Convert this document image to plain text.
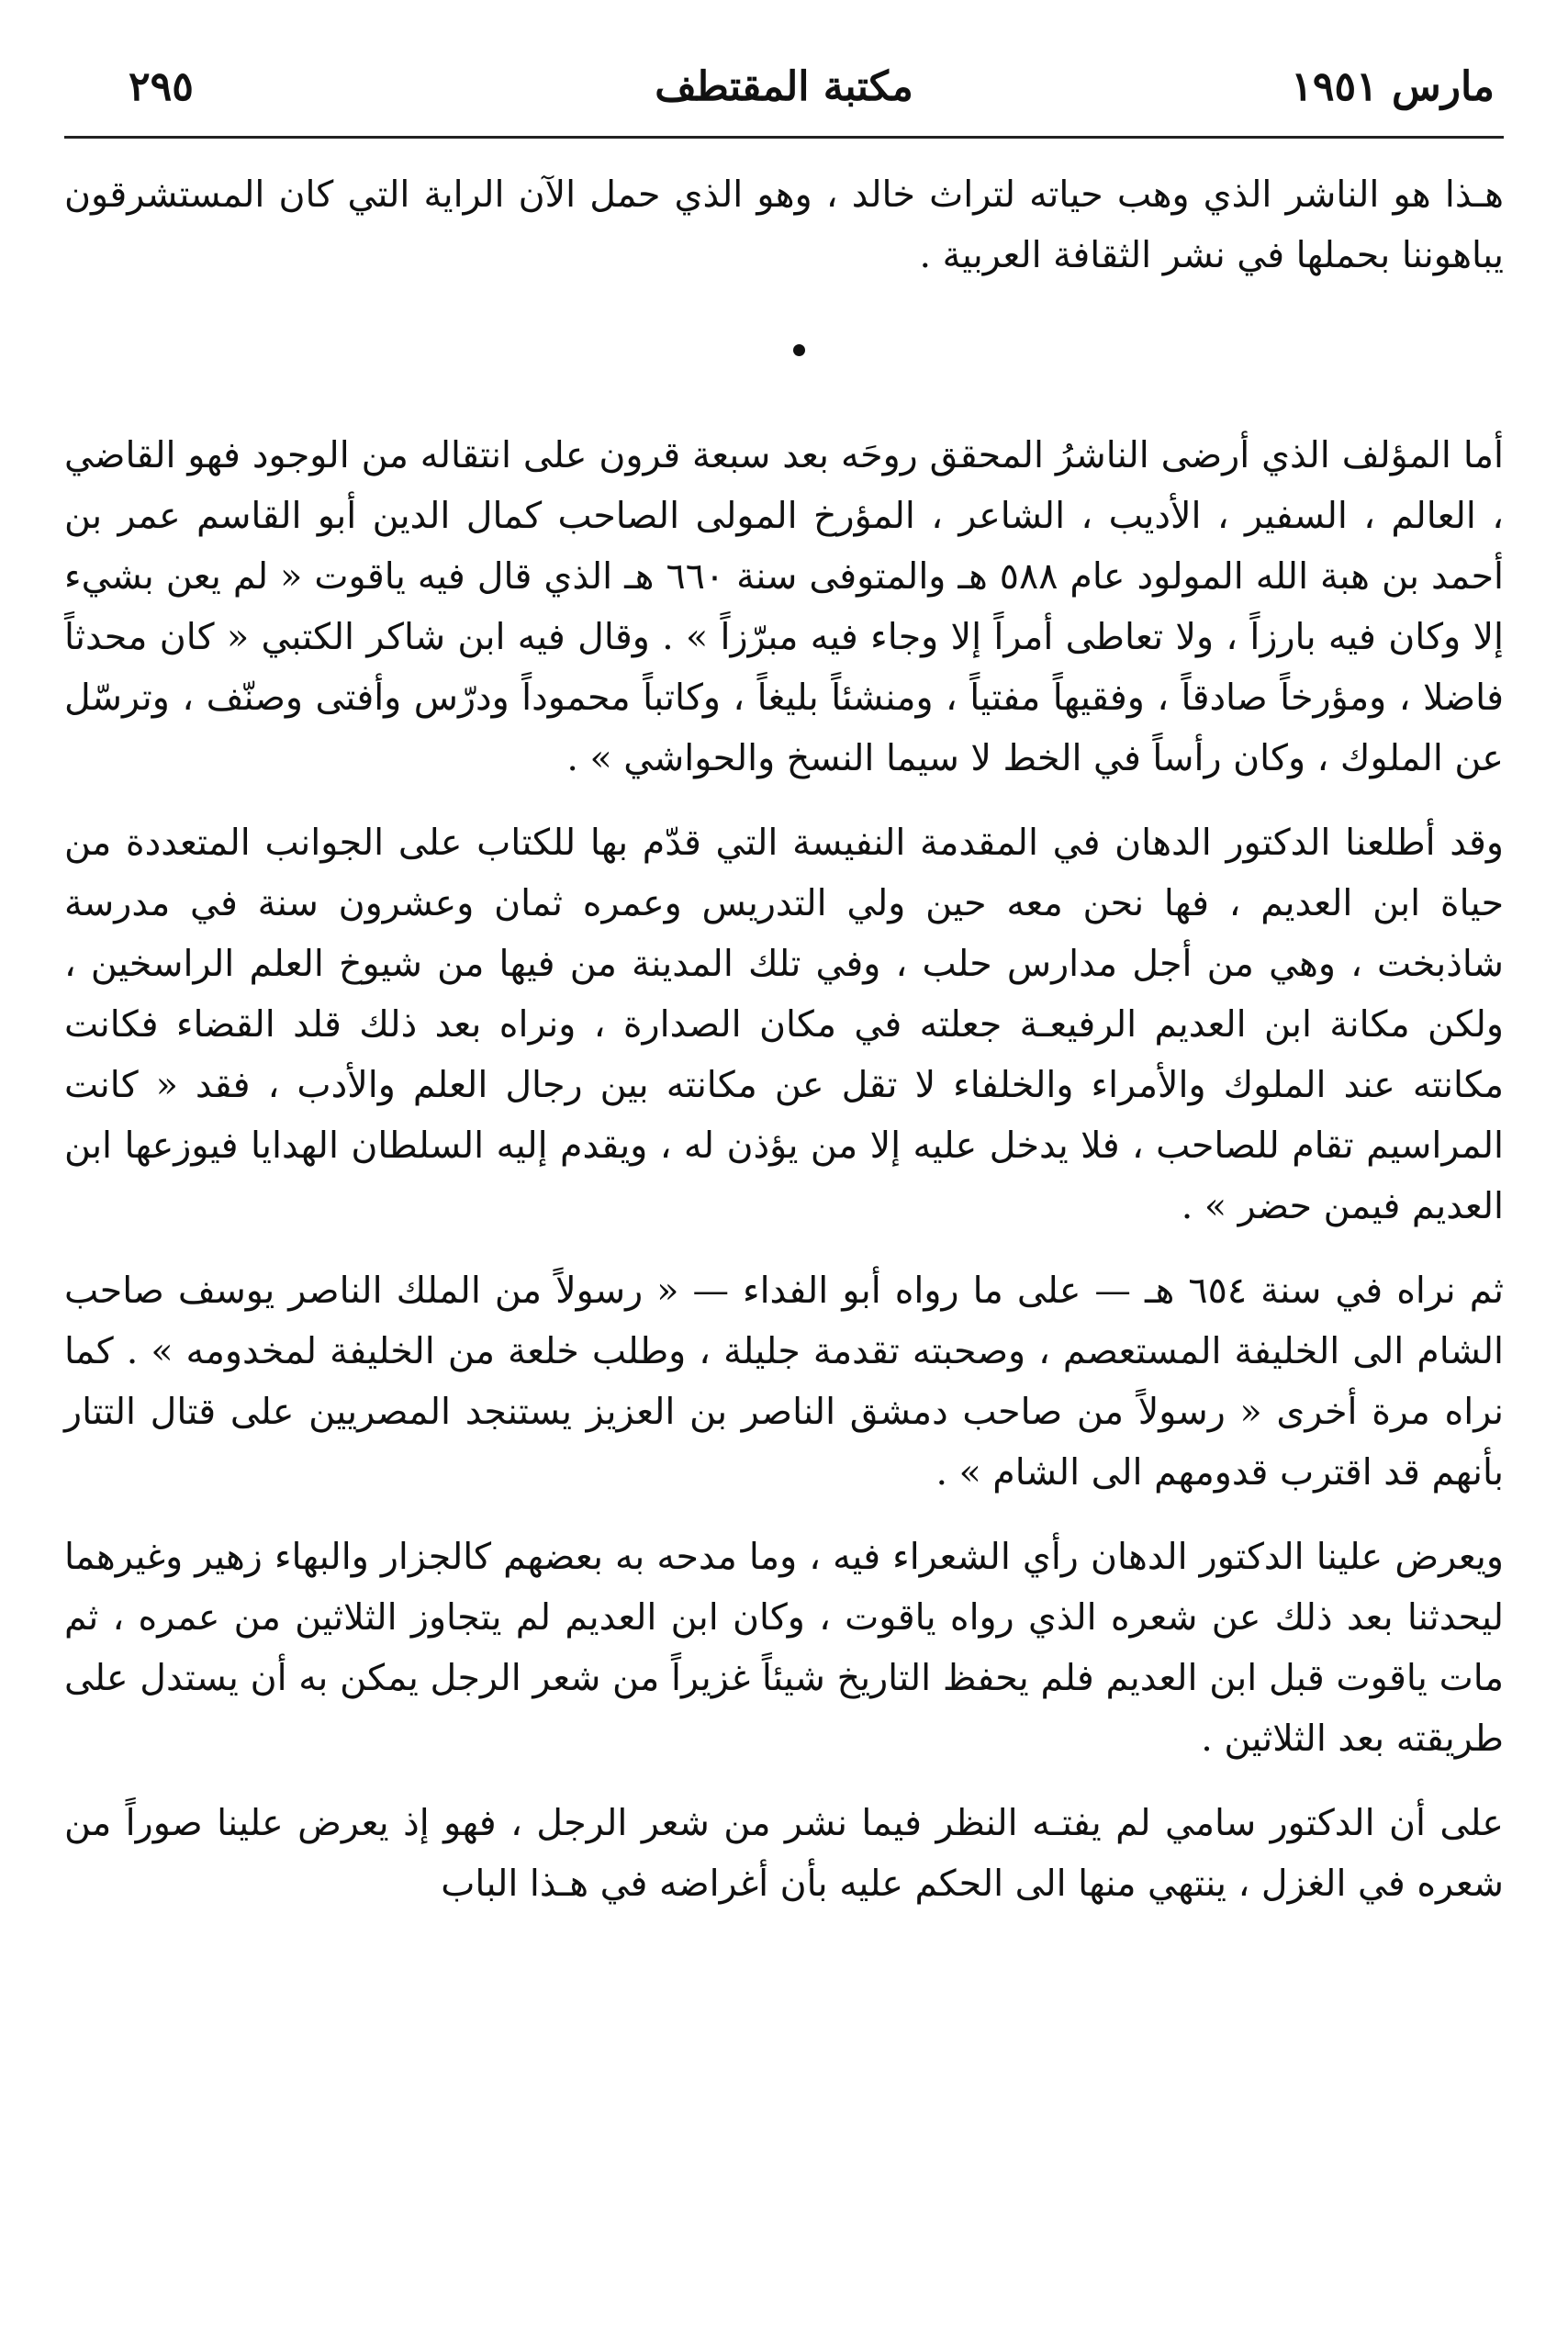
مارس ١٩٥١
مكتبة المقتطف
٢٩٥

هـذا هو الناشر الذي وهب حياته لتراث خالد ، وهو الذي حمل الآن الراية التي كان المستشرقون يباهوننا بحملها في نشر الثقافة العربية .

أما المؤلف الذي أرضى الناشرُ المحقق روحَه بعد سبعة قرون على انتقاله من الوجود فهو القاضي ، العالم ، السفير ، الأديب ، الشاعر ، المؤرخ المولى الصاحب كمال الدين أبو القاسم عمر بن أحمد بن هبة الله المولود عام ٥٨٨ هـ والمتوفى سنة ٦٦٠ هـ الذي قال فيه ياقوت « لم يعن بشيء إلا وكان فيه بارزاً ، ولا تعاطى أمراً إلا وجاء فيه مبرّزاً » . وقال فيه ابن شاكر الكتبي « كان محدثاً فاضلا ، ومؤرخاً صادقاً ، وفقيهاً مفتياً ، ومنشئاً بليغاً ، وكاتباً محموداً ودرّس وأفتى وصنّف ، وترسّل عن الملوك ، وكان رأساً في الخط لا سيما النسخ والحواشي » .

وقد أطلعنا الدكتور الدهان في المقدمة النفيسة التي قدّم بها للكتاب على الجوانب المتعددة من حياة ابن العديم ، فها نحن معه حين ولي التدريس وعمره ثمان وعشرون سنة في مدرسة شاذبخت ، وهي من أجل مدارس حلب ، وفي تلك المدينة من فيها من شيوخ العلم الراسخين ، ولكن مكانة ابن العديم الرفيعـة جعلته في مكان الصدارة ، ونراه بعد ذلك قلد القضاء فكانت مكانته عند الملوك والأمراء والخلفاء لا تقل عن مكانته بين رجال العلم والأدب ، فقد « كانت المراسيم تقام للصاحب ، فلا يدخل عليه إلا من يؤذن له ، ويقدم إليه السلطان الهدايا فيوزعها ابن العديم فيمن حضر » .

ثم نراه في سنة ٦٥٤ هـ — على ما رواه أبو الفداء — « رسولاً من الملك الناصر يوسف صاحب الشام الى الخليفة المستعصم ، وصحبته تقدمة جليلة ، وطلب خلعة من الخليفة لمخدومه » . كما نراه مرة أخرى « رسولاً من صاحب دمشق الناصر بن العزيز يستنجد المصريين على قتال التتار بأنهم قد اقترب قدومهم الى الشام » .

ويعرض علينا الدكتور الدهان رأي الشعراء فيه ، وما مدحه به بعضهم كالجزار والبهاء زهير وغيرهما ليحدثنا بعد ذلك عن شعره الذي رواه ياقوت ، وكان ابن العديم لم يتجاوز الثلاثين من عمره ، ثم مات ياقوت قبل ابن العديم فلم يحفظ التاريخ شيئاً غزيراً من شعر الرجل يمكن به أن يستدل على طريقته بعد الثلاثين .

على أن الدكتور سامي لم يفتـه النظر فيما نشر من شعر الرجل ، فهو إذ يعرض علينا صوراً من شعره في الغزل ، ينتهي منها الى الحكم عليه بأن أغراضه في هـذا الباب
